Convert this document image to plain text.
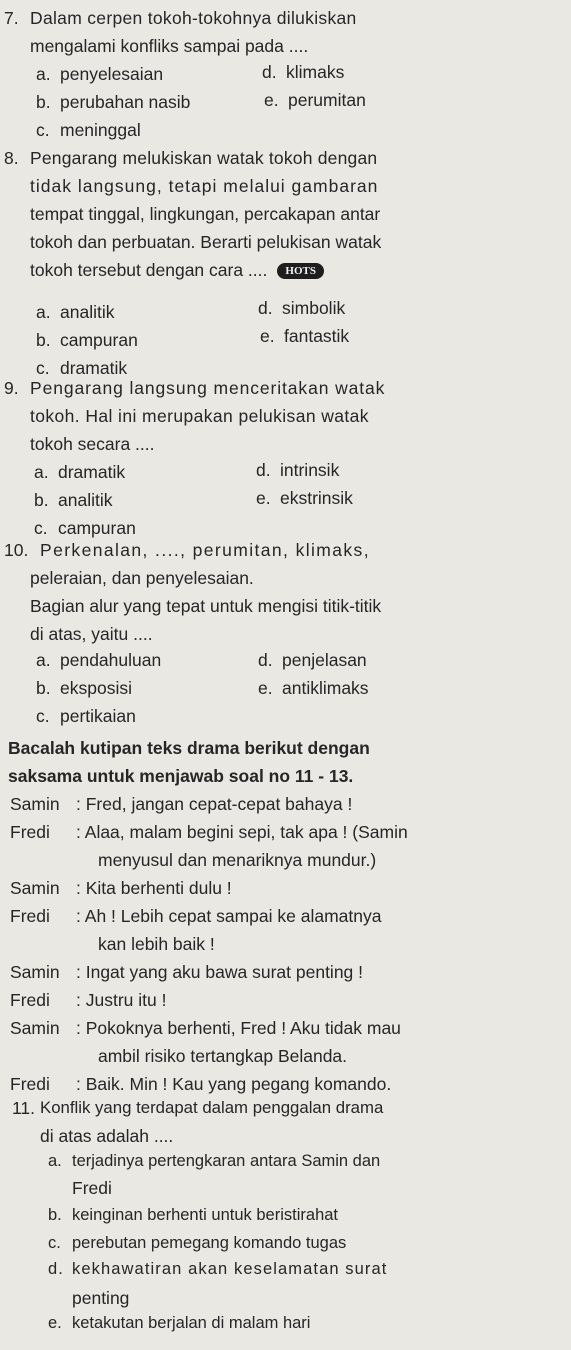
7. Dalam cerpen tokoh-tokohnya dilukiskan
mengalami konfliks sampai pada ....
a. penyelesaian
b. perubahan nasib
c. meninggal
d. klimaks
e. perumitan
8. Pengarang melukiskan watak tokoh dengan
tidak langsung, tetapi melalui gambaran
tempat tinggal, lingkungan, percakapan antar
tokoh dan perbuatan. Berarti pelukisan watak
tokoh tersebut dengan cara .... HOTS
a. analitik
b. campuran
c. dramatik
d. simbolik
e. fantastik
9. Pengarang langsung menceritakan watak
tokoh. Hal ini merupakan pelukisan watak
tokoh secara ....
a. dramatik
b. analitik
c. campuran
d. intrinsik
e. ekstrinsik
10. Perkenalan, ...., perumitan, klimaks,
peleraian, dan penyelesaian.
Bagian alur yang tepat untuk mengisi titik-titik
di atas, yaitu ....
a. pendahuluan
b. eksposisi
c. pertikaian
d. penjelasan
e. antiklimaks
Bacalah kutipan teks drama berikut dengan
saksama untuk menjawab soal no 11 - 13.
Samin : Fred, jangan cepat-cepat bahaya !
Fredi : Alaa, malam begini sepi, tak apa ! (Samin
menyusul dan menariknya mundur.)
Samin : Kita berhenti dulu !
Fredi : Ah ! Lebih cepat sampai ke alamatnya
kan lebih baik !
Samin : Ingat yang aku bawa surat penting !
Fredi : Justru itu !
Samin : Pokoknya berhenti, Fred ! Aku tidak mau
ambil risiko tertangkap Belanda.
Fredi : Baik. Min ! Kau yang pegang komando.
11. Konflik yang terdapat dalam penggalan drama
di atas adalah ....
a. terjadinya pertengkaran antara Samin dan
Fredi
b. keinginan berhenti untuk beristirahat
c. perebutan pemegang komando tugas
d. kekhawatiran akan keselamatan surat
penting
e. ketakutan berjalan di malam hari
